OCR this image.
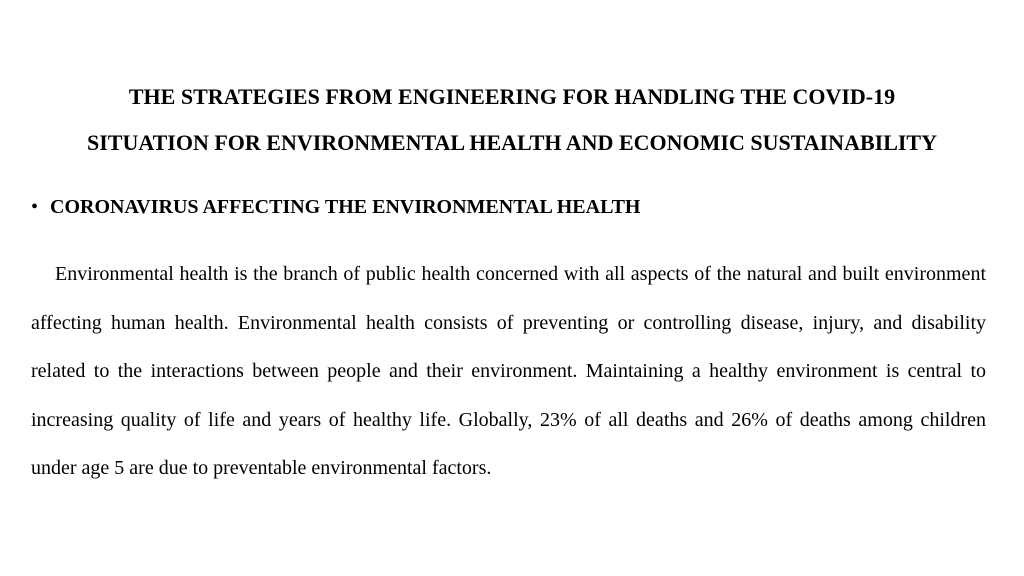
THE STRATEGIES FROM ENGINEERING FOR HANDLING THE COVID-19
SITUATION FOR ENVIRONMENTAL HEALTH AND ECONOMIC SUSTAINABILITY
• CORONAVIRUS AFFECTING THE ENVIRONMENTAL HEALTH

Environmental health is the branch of public health concerned with all aspects of the natural and built environment affecting human health. Environmental health consists of preventing or controlling disease, injury, and disability related to the interactions between people and their environment. Maintaining a healthy environment is central to increasing quality of life and years of healthy life. Globally, 23% of all deaths and 26% of deaths among children under age 5 are due to preventable environmental factors.
